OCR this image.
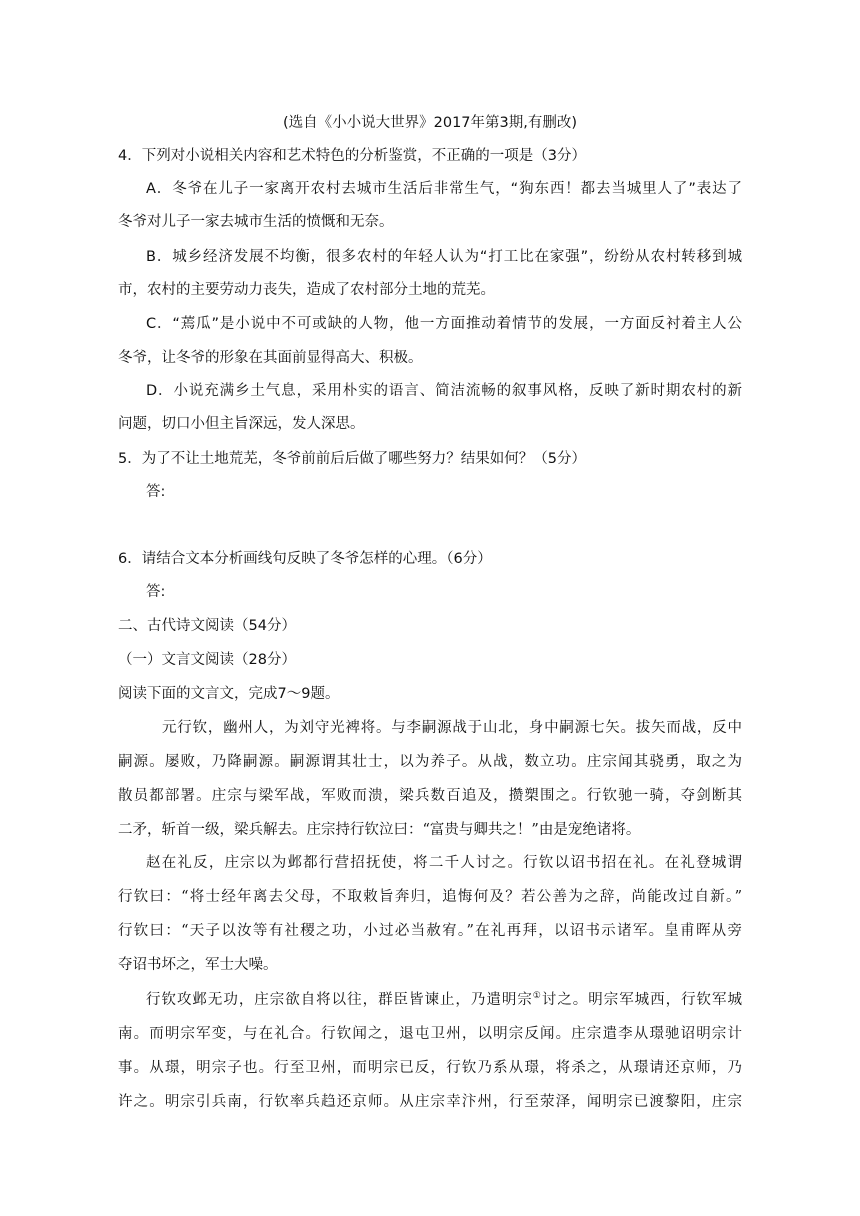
(选自《小小说大世界》2017年第3期,有删改)
4．下列对小说相关内容和艺术特色的分析鉴赏，不正确的一项是（3分）
A．冬爷在儿子一家离开农村去城市生活后非常生气，“狗东西！都去当城里人了”表达了
冬爷对儿子一家去城市生活的愤慨和无奈。
B．城乡经济发展不均衡，很多农村的年轻人认为“打工比在家强”，纷纷从农村转移到城
市，农村的主要劳动力丧失，造成了农村部分土地的荒芜。
C．“蔫瓜”是小说中不可或缺的人物，他一方面推动着情节的发展，一方面反衬着主人公
冬爷，让冬爷的形象在其面前显得高大、积极。
D．小说充满乡土气息，采用朴实的语言、简洁流畅的叙事风格，反映了新时期农村的新
问题，切口小但主旨深远，发人深思。
5．为了不让土地荒芜，冬爷前前后后做了哪些努力？结果如何？（5分）
答:
6．请结合文本分析画线句反映了冬爷怎样的心理。（6分）
答:
二、古代诗文阅读（54分）
（一）文言文阅读（28分）
阅读下面的文言文，完成7～9题。
元行钦，幽州人，为刘守光裨将。与李嗣源战于山北，身中嗣源七矢。拔矢而战，反中
嗣源。屡败，乃降嗣源。嗣源谓其壮士，以为养子。从战，数立功。庄宗闻其骁勇，取之为
散员都部署。庄宗与梁军战，军败而溃，梁兵数百追及，攒槊围之。行钦驰一骑，夺剑断其
二矛，斩首一级，梁兵解去。庄宗持行钦泣曰：“富贵与卿共之！”由是宠绝诸将。
赵在礼反，庄宗以为邺都行营招抚使，将二千人讨之。行钦以诏书招在礼。在礼登城谓
行钦曰：“将士经年离去父母，不取敕旨奔归，追悔何及？若公善为之辞，尚能改过自新。”
行钦曰：“天子以汝等有社稷之功，小过必当赦宥。”在礼再拜，以诏书示诸军。皇甫晖从旁
夺诏书坏之，军士大噪。
行钦攻邺无功，庄宗欲自将以往，群臣皆谏止，乃遣明宗①讨之。明宗军城西，行钦军城
南。而明宗军变，与在礼合。行钦闻之，退屯卫州，以明宗反闻。庄宗遣李从璟驰诏明宗计
事。从璟，明宗子也。行至卫州，而明宗已反，行钦乃系从璟，将杀之，从璟请还京师，乃
许之。明宗引兵南，行钦率兵趋还京师。从庄宗幸汴州，行至荥泽，闻明宗已渡黎阳，庄宗
